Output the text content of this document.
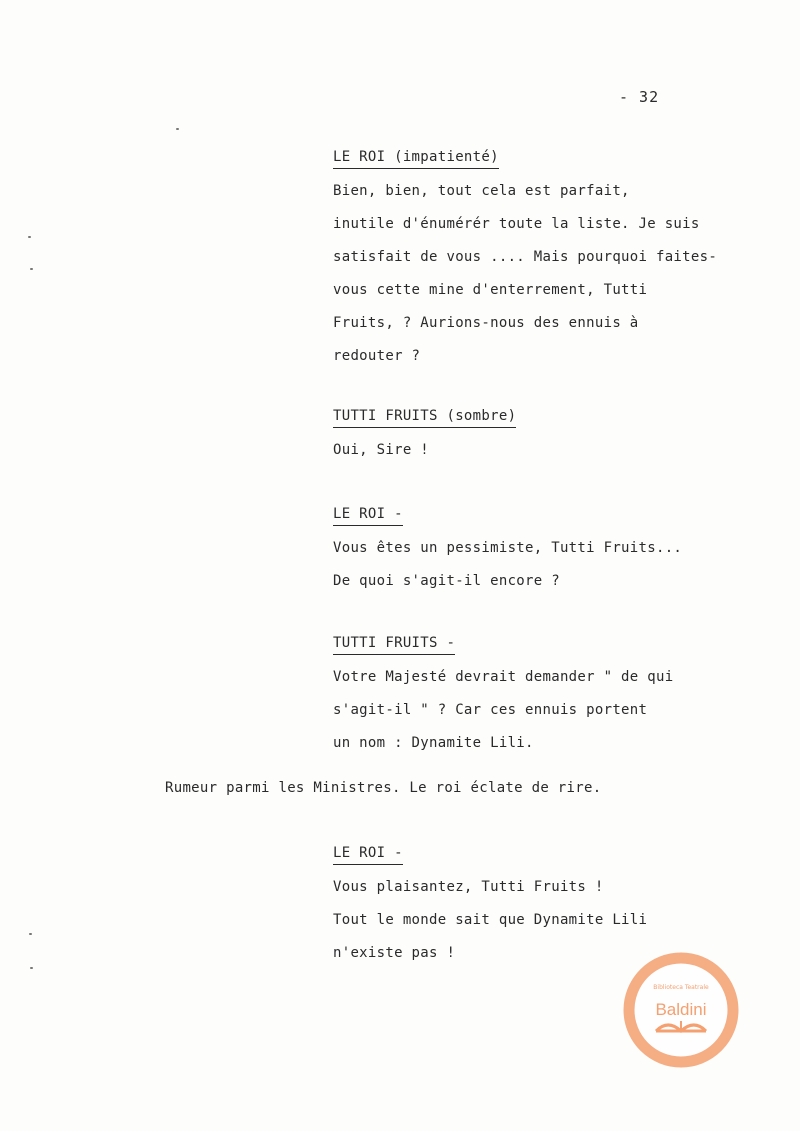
- 32
LE ROI (impatienté)
Bien, bien, tout cela est parfait,
inutile d'énumérér toute la liste. Je suis
satisfait de vous .... Mais pourquoi faites-
vous cette mine d'enterrement, Tutti
Fruits, ? Aurions-nous des ennuis à
redouter ?
TUTTI FRUITS (sombre)
Oui, Sire !
LE ROI -
Vous êtes un pessimiste, Tutti Fruits...
De quoi s'agit-il encore ?
TUTTI FRUITS -
Votre Majesté devrait demander " de qui
s'agit-il " ? Car ces ennuis portent
un nom : Dynamite Lili.
Rumeur parmi les Ministres. Le roi éclate de rire.
LE ROI -
Vous plaisantez, Tutti Fruits !
Tout le monde sait que Dynamite Lili
n'existe pas !
Biblioteca Teatrale
Baldini
